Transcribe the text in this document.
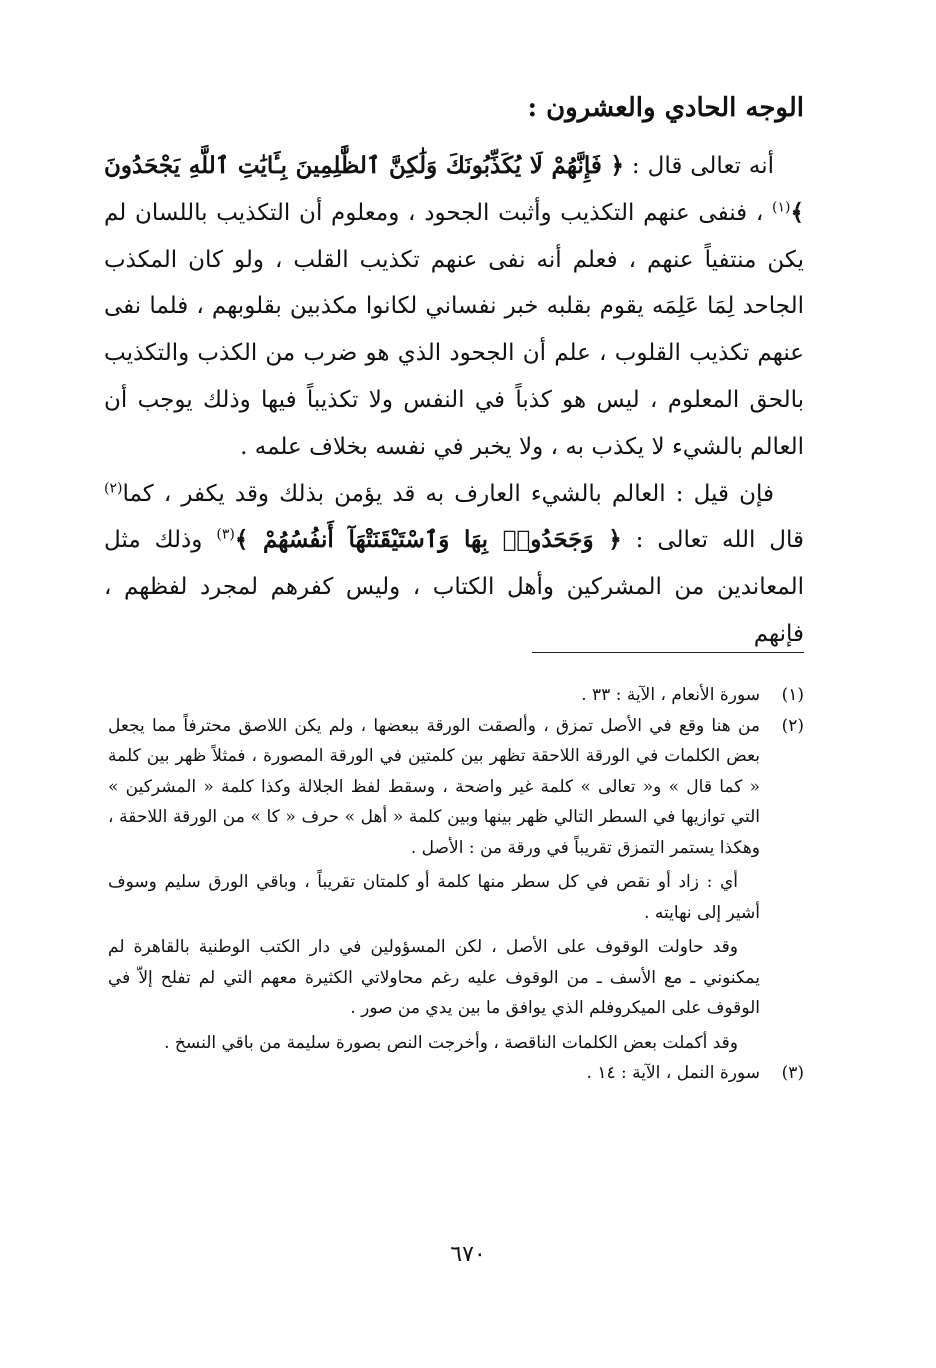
الوجه الحادي والعشرون :

أنه تعالى قال : ﴿ فَإِنَّهُمْ لَا يُكَذِّبُونَكَ وَلَٰكِنَّ ٱلظَّٰلِمِينَ بِـَٔايَٰتِ ٱللَّهِ يَجْحَدُونَ ﴾$^{(١)}$ ، فنفى عنهم التكذيب وأثبت الجحود ، ومعلوم أن التكذيب باللسان لم يكن منتفياً عنهم ، فعلم أنه نفى عنهم تكذيب القلب ، ولو كان المكذب الجاحد لِمَا عَلِمَه يقوم بقلبه خبر نفساني لكانوا مكذبين بقلوبهم ، فلما نفى عنهم تكذيب القلوب ، علم أن الجحود الذي هو ضرب من الكذب والتكذيب بالحق المعلوم ، ليس هو كذباً في النفس ولا تكذيباً فيها وذلك يوجب أن العالم بالشيء لا يكذب به ، ولا يخبر في نفسه بخلاف علمه .

فإن قيل : العالم بالشيء العارف به قد يؤمن بذلك وقد يكفر ، كما$^{(٢)}$ قال الله تعالى : ﴿ وَجَحَدُوا۟ بِهَا وَٱسْتَيْقَنَتْهَآ أَنفُسُهُمْ ﴾$^{(٣)}$ وذلك مثل المعاندين من المشركين وأهل الكتاب ، وليس كفرهم لمجرد لفظهم ، فإنهم

(١)

سورة الأنعام ، الآية : ٣٣ .

(٢)

من هنا وقع في الأصل تمزق ، وألصقت الورقة ببعضها ، ولم يكن اللاصق محترفاً مما يجعل بعض الكلمات في الورقة اللاحقة تظهر بين كلمتين في الورقة المصورة ، فمثلاً ظهر بين كلمة « كما قال » و« تعالى » كلمة غير واضحة ، وسقط لفظ الجلالة وكذا كلمة « المشركين » التي توازيها في السطر التالي ظهر بينها وبين كلمة « أهل » حرف « كا » من الورقة اللاحقة ، وهكذا يستمر التمزق تقريباً في ورقة من : الأصل .

أي : زاد أو نقص في كل سطر منها كلمة أو كلمتان تقريباً ، وباقي الورق سليم وسوف أشير إلى نهايته .

وقد حاولت الوقوف على الأصل ، لكن المسؤولين في دار الكتب الوطنية بالقاهرة لم يمكنوني ـ مع الأسف ـ من الوقوف عليه رغم محاولاتي الكثيرة معهم التي لم تفلح إلاّ في الوقوف على الميكروفلم الذي يوافق ما بين يدي من صور .

وقد أكملت بعض الكلمات الناقصة ، وأخرجت النص بصورة سليمة من باقي النسخ .

(٣)

سورة النمل ، الآية : ١٤ .

٦٧٠
